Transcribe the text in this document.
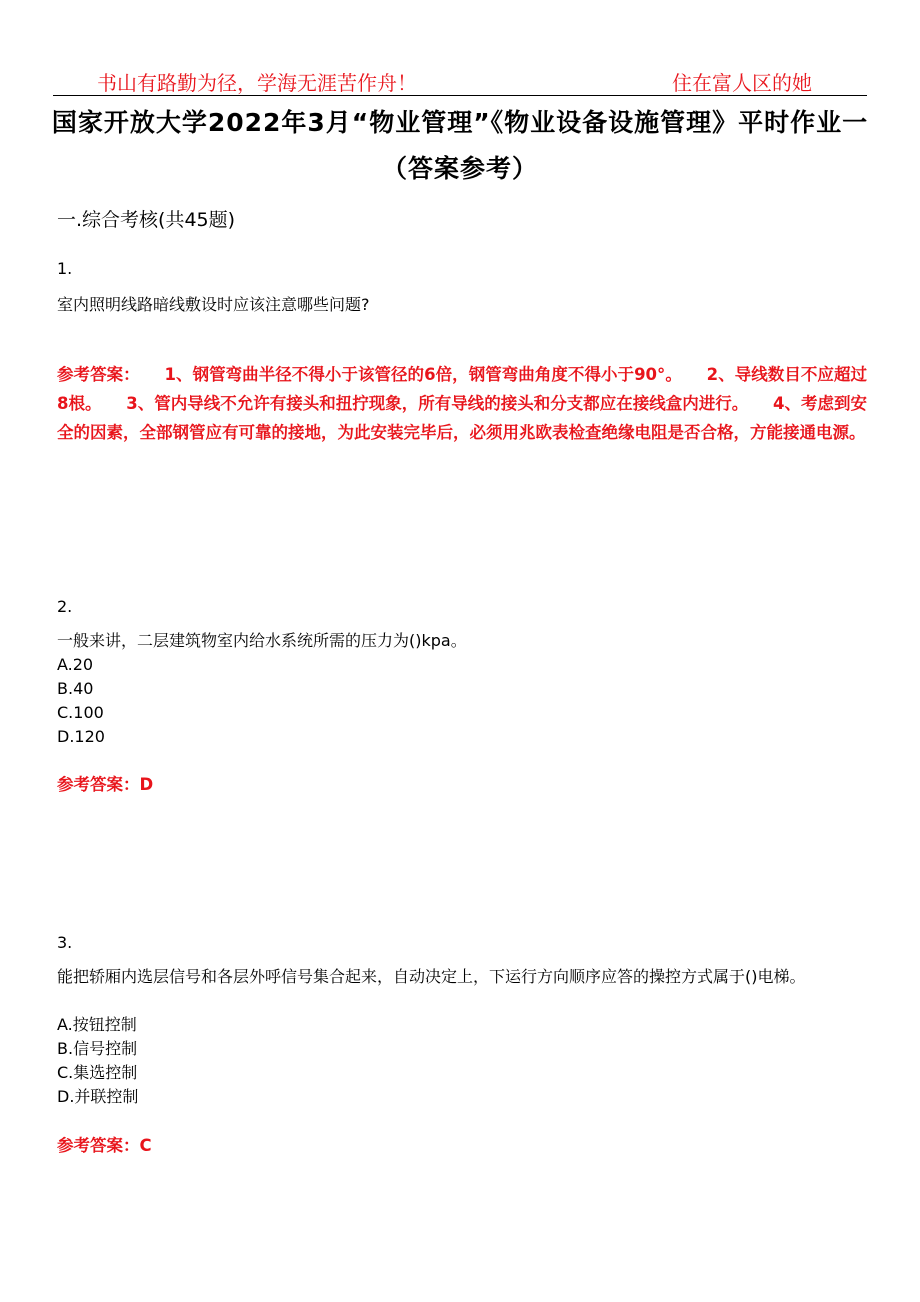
书山有路勤为径，学海无涯苦作舟！	住在富人区的她
国家开放大学2022年3月“物业管理”《物业设备设施管理》平时作业一（答案参考）
一.综合考核(共45题)
1.
室内照明线路暗线敷设时应该注意哪些问题?
参考答案：　　1、钢管弯曲半径不得小于该管径的6倍，钢管弯曲角度不得小于90°。　　2、导线数目不应超过8根。　　3、管内导线不允许有接头和扭拧现象，所有导线的接头和分支都应在接线盒内进行。　　4、考虑到安全的因素，全部钢管应有可靠的接地，为此安装完毕后，必须用兆欧表检查绝缘电阻是否合格，方能接通电源。
2.
一般来讲，二层建筑物室内给水系统所需的压力为()kpa。
A.20
B.40
C.100
D.120
参考答案：D
3.
能把轿厢内选层信号和各层外呼信号集合起来，自动决定上，下运行方向顺序应答的操控方式属于()电梯。
A.按钮控制
B.信号控制
C.集选控制
D.并联控制
参考答案：C
